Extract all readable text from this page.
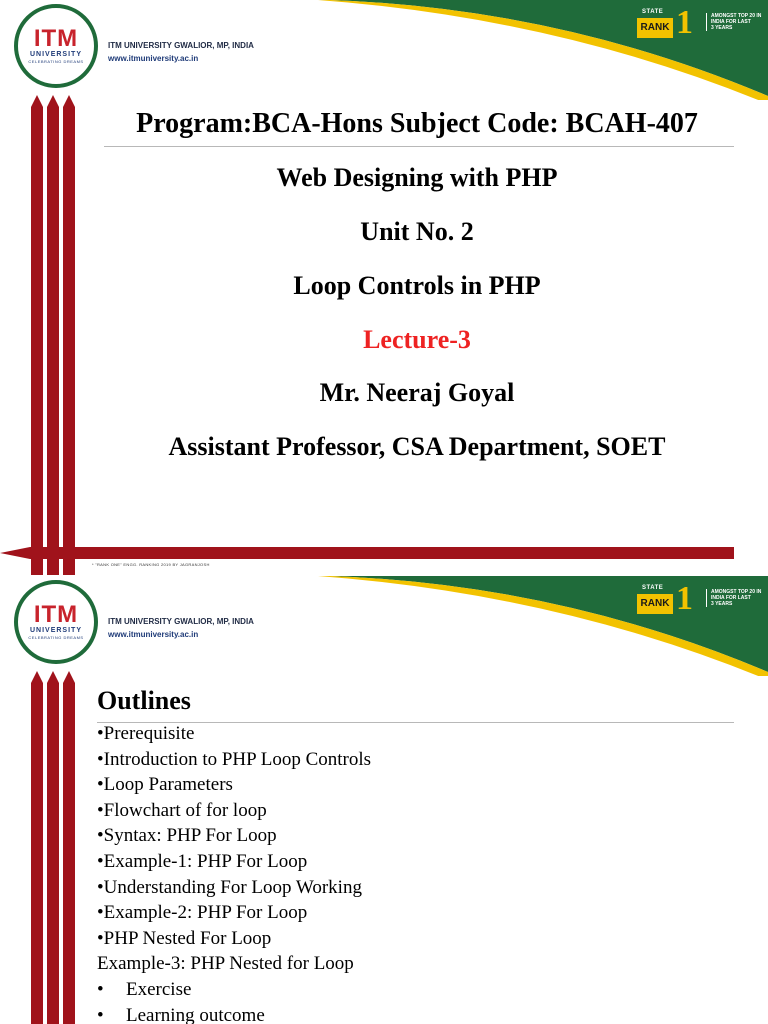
ITM
UNIVERSITY
CELEBRATING DREAMS
ITM UNIVERSITY GWALIOR, MP, INDIA
www.itmuniversity.ac.in
STATE
RANK 1	AMONGST TOP 20 IN
INDIA FOR LAST
3 YEARS
Program:BCA-Hons Subject Code: BCAH-407
Web Designing with PHP
Unit No. 2
Loop Controls in PHP
Lecture-3
Mr. Neeraj Goyal
Assistant Professor, CSA Department, SOET
* "RANK ONE" ENGG. RANKING 2019 BY JAGRANJOSH
ITM
UNIVERSITY
CELEBRATING DREAMS
ITM UNIVERSITY GWALIOR, MP, INDIA
www.itmuniversity.ac.in
STATE
RANK 1	AMONGST TOP 20 IN
INDIA FOR LAST
3 YEARS
Outlines
•Prerequisite
•Introduction to PHP Loop Controls
•Loop Parameters
•Flowchart of for loop
•Syntax: PHP For Loop
•Example-1: PHP For Loop
•Understanding For Loop Working
•Example-2: PHP For Loop
•PHP Nested For Loop
Example-3: PHP Nested for Loop
•	Exercise
•	Learning outcome
